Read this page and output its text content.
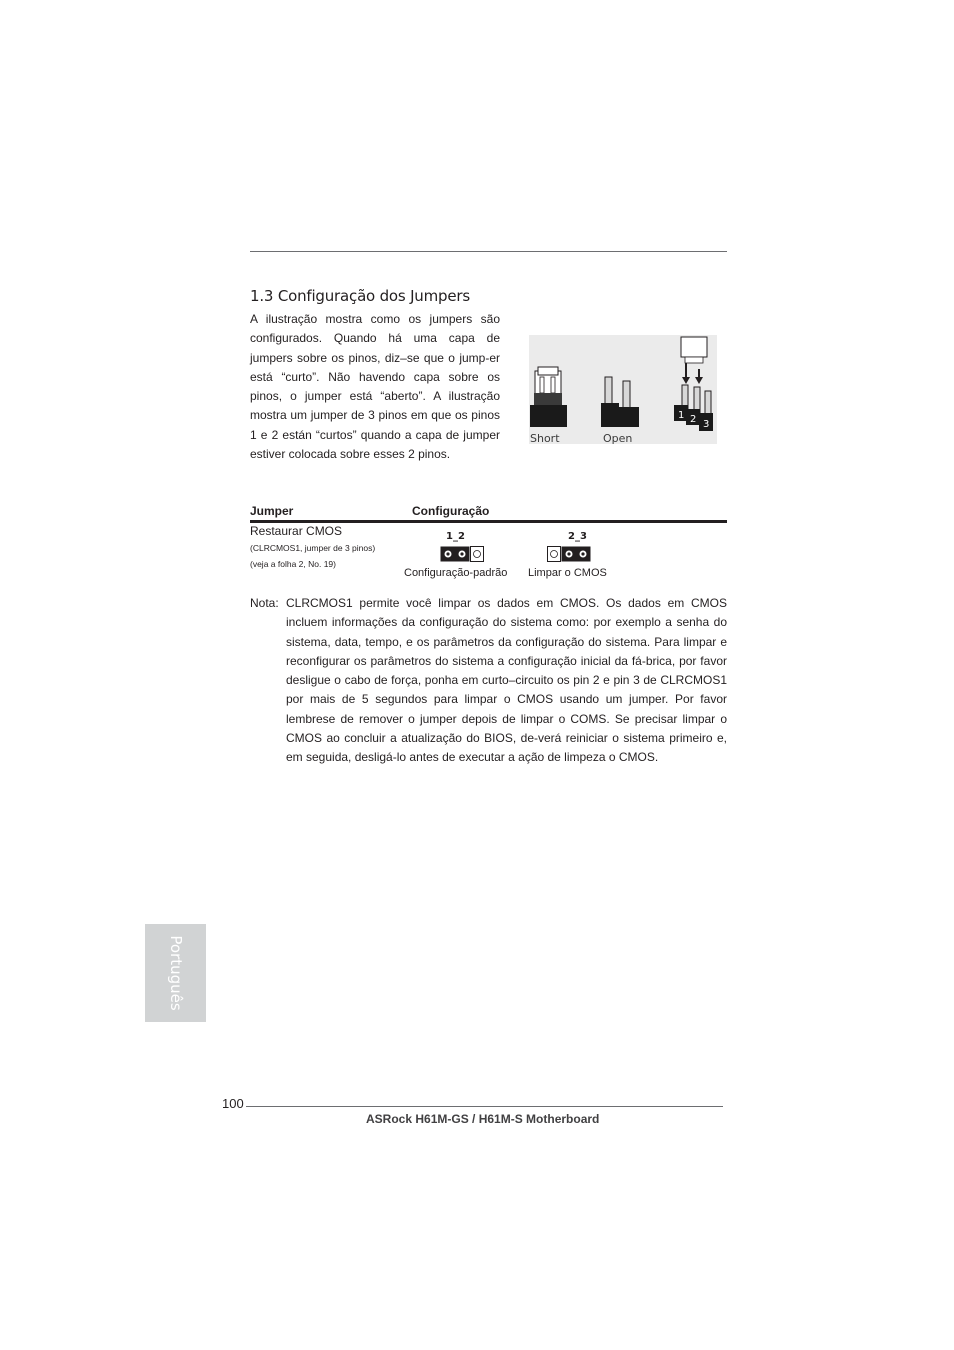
1.3 Configuração dos Jumpers
A ilustração mostra como os jumpers são configurados. Quando há uma capa de jumpers sobre os pinos, diz–se que o jump-er está “curto”. Não havendo capa sobre os pinos, o jumper está “aberto”. A ilustração mostra um jumper de 3 pinos em que os pinos 1 e 2 están “curtos” quando a capa de jumper estiver colocada sobre esses 2 pinos.
1 2 3
Short	Open
Jumper	Configuração
Restaurar CMOS
(CLRCMOS1, jumper de 3 pinos)
(veja a folha 2, No. 19)
1_2
Configuração-padrão
2_3
Limpar o CMOS
Nota: CLRCMOS1 permite você limpar os dados em CMOS. Os dados em CMOS incluem informações da configuração do sistema como: por exemplo a senha do sistema, data, tempo, e os parâmetros da configuração do sistema. Para limpar e reconfigurar os parâmetros do sistema a configuração inicial da fá-brica, por favor desligue o cabo de força, ponha em curto–circuito os pin 2 e pin 3 de CLRCMOS1 por mais de 5 segundos para limpar o CMOS usando um jumper. Por favor lembrese de remover o jumper depois de limpar o COMS. Se precisar limpar o CMOS ao concluir a atualização do BIOS, de-verá reiniciar o sistema primeiro e, em seguida, desligá-lo antes de executar a ação de limpeza o CMOS.
Português
100
ASRock H61M-GS / H61M-S Motherboard
